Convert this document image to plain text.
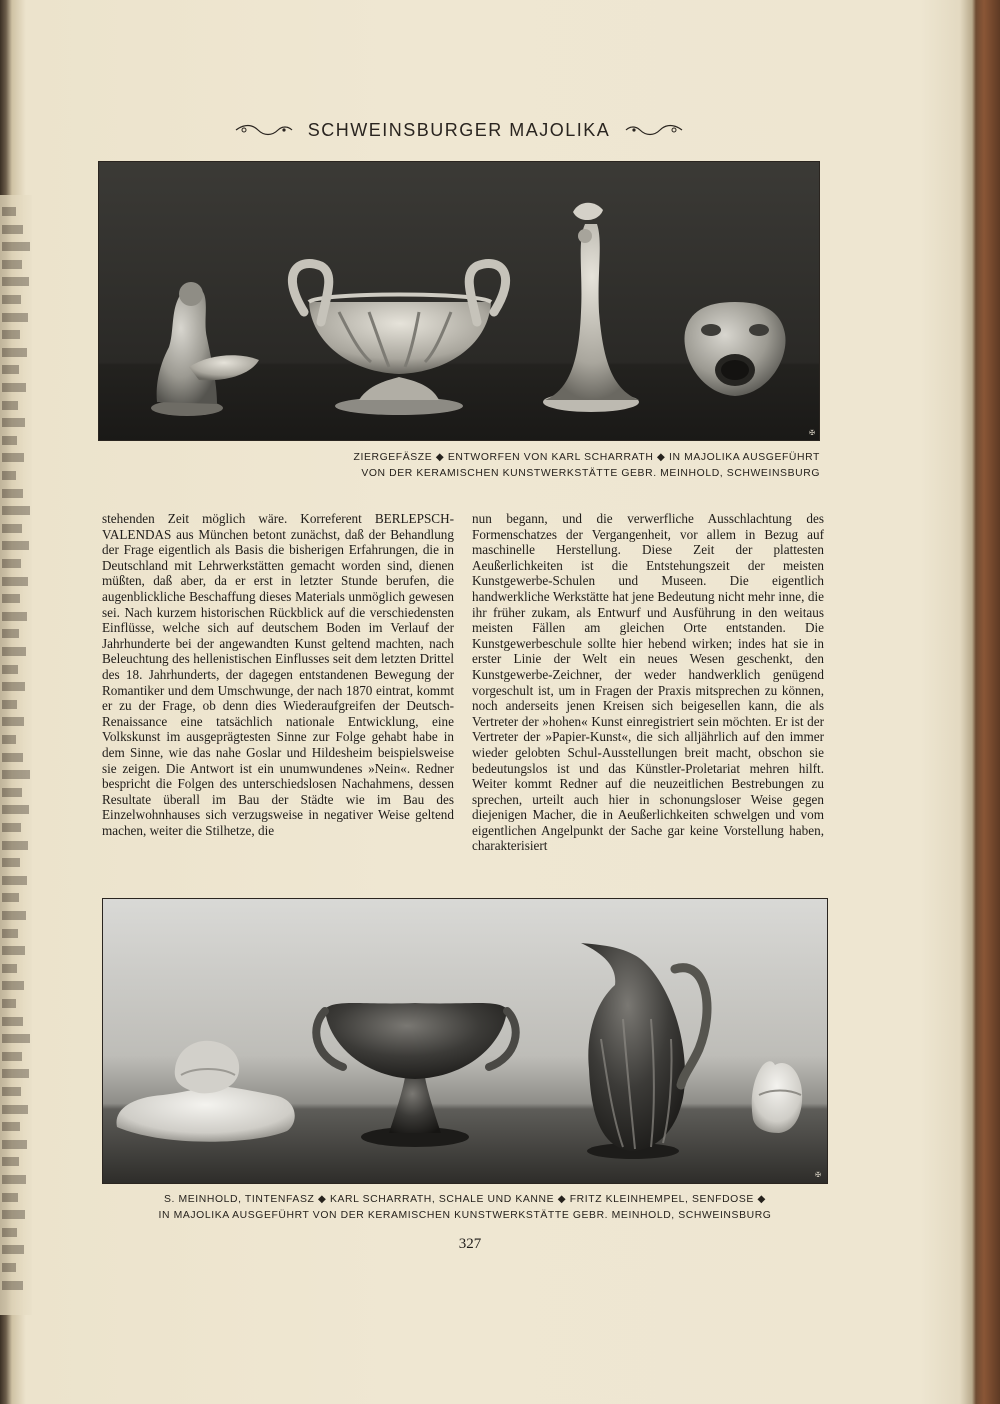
SCHWEINSBURGER MAJOLIKA
✠
ZIERGEFÄSZE ◆ ENTWORFEN VON KARL SCHARRATH ◆ IN MAJOLIKA AUSGEFÜHRT
VON DER KERAMISCHEN KUNSTWERKSTÄTTE GEBR. MEINHOLD, SCHWEINSBURG

stehenden Zeit möglich wäre. Korreferent BERLEPSCH-VALENDAS aus München betont zunächst, daß der Behandlung der Frage eigentlich als Basis die bisherigen Erfahrungen, die in Deutschland mit Lehrwerkstätten gemacht worden sind, dienen müßten, daß aber, da er erst in letzter Stunde berufen, die augenblickliche Beschaffung dieses Materials unmöglich gewesen sei. Nach kurzem historischen Rückblick auf die verschiedensten Einflüsse, welche sich auf deutschem Boden im Verlauf der Jahrhunderte bei der angewandten Kunst geltend machten, nach Beleuchtung des hellenistischen Einflusses seit dem letzten Drittel des 18. Jahrhunderts, der dagegen entstandenen Bewegung der Romantiker und dem Umschwunge, der nach 1870 eintrat, kommt er zu der Frage, ob denn dies Wiederaufgreifen der Deutsch-Renaissance eine tatsächlich nationale Entwicklung, eine Volkskunst im ausgeprägtesten Sinne zur Folge gehabt habe in dem Sinne, wie das nahe Goslar und Hildesheim beispielsweise sie zeigen. Die Antwort ist ein unumwundenes »Nein«. Redner bespricht die Folgen des unterschiedslosen Nachahmens, dessen Resultate überall im Bau der Städte wie im Bau des Einzelwohnhauses sich verzugsweise in negativer Weise geltend machen, weiter die Stilhetze, die

nun begann, und die verwerfliche Ausschlachtung des Formenschatzes der Vergangenheit, vor allem in Bezug auf maschinelle Herstellung. Diese Zeit der plattesten Aeußerlichkeiten ist die Entstehungszeit der meisten Kunstgewerbe-Schulen und Museen. Die eigentlich handwerkliche Werkstätte hat jene Bedeutung nicht mehr inne, die ihr früher zukam, als Entwurf und Ausführung in den weitaus meisten Fällen am gleichen Orte entstanden. Die Kunstgewerbeschule sollte hier hebend wirken; indes hat sie in erster Linie der Welt ein neues Wesen geschenkt, den Kunstgewerbe-Zeichner, der weder handwerklich genügend vorgeschult ist, um in Fragen der Praxis mitsprechen zu können, noch anderseits jenen Kreisen sich beigesellen kann, die als Vertreter der »hohen« Kunst einregistriert sein möchten. Er ist der Vertreter der »Papier-Kunst«, die sich alljährlich auf den immer wieder gelobten Schul-Ausstellungen breit macht, obschon sie bedeutungslos ist und das Künstler-Proletariat mehren hilft. Weiter kommt Redner auf die neuzeitlichen Bestrebungen zu sprechen, urteilt auch hier in schonungsloser Weise gegen diejenigen Macher, die in Aeußerlichkeiten schwelgen und vom eigentlichen Angelpunkt der Sache gar keine Vorstellung haben, charakterisiert

✠
S. MEINHOLD, TINTENFASZ ◆ KARL SCHARRATH, SCHALE UND KANNE ◆ FRITZ KLEINHEMPEL, SENFDOSE ◆
IN MAJOLIKA AUSGEFÜHRT VON DER KERAMISCHEN KUNSTWERKSTÄTTE GEBR. MEINHOLD, SCHWEINSBURG
327
